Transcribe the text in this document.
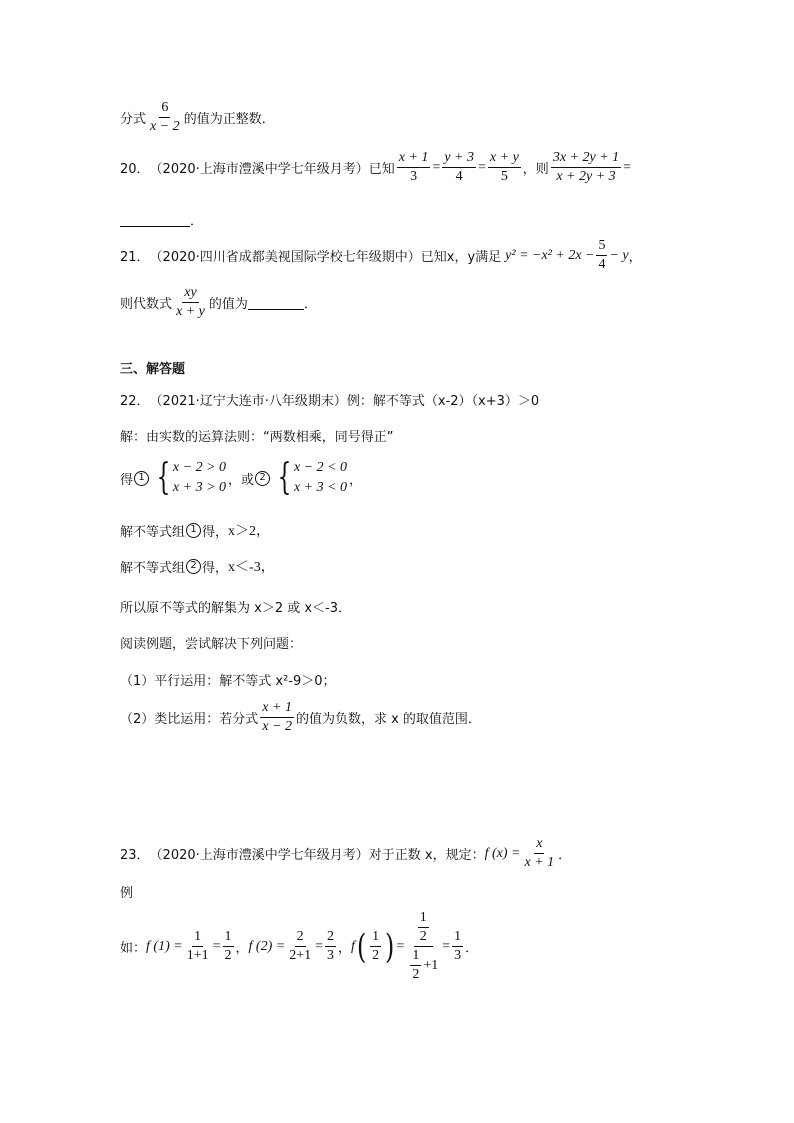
分式 $\frac{6}{x - 2}$ 的值为正整数．
20． （2020·上海市澧溪中学七年级月考）已知 $\frac{x + 1}{3} = \frac{y + 3}{4} = \frac{x + y}{5}$ ，则 $\frac{3x + 2y + 1}{x + 2y + 3}$ =
．
21． （2020·四川省成都美视国际学校七年级期中）已知x，y满足 $y^2 = -x^2 + 2x - \frac{5}{4} - y$ ，
则代数式 $\frac{xy}{x + y}$ 的值为	．
三、解答题
22． （2021·辽宁大连市·八年级期末）例：解不等式（x-2）（x+3）＞0
解：由实数的运算法则：“两数相乘，同号得正”
得 1 { x − 2 > 0
x + 3 > 0 ，或 2 { x − 2 < 0
x + 3 < 0 ，
解不等式组 1 得， x＞2，
解不等式组 2 得， x＜-3，
所以原不等式的解集为 x＞2 或 x＜-3．
阅读例题，尝试解决下列问题：
（1）平行运用：解不等式 x²-9＞0；
（2）类比运用：若分式 $\frac{x + 1}{x - 2}$ 的值为负数，求 x 的取值范围．
23． （2020·上海市澧溪中学七年级月考）对于正数 x，规定： f $(x) = \frac{x}{x + 1}$ ．
例
如： f $(1) = \frac{1}{1+1} = \frac{1}{2}$ ， f $(2) = \frac{2}{2+1} = \frac{2}{3}$ ， f ( $\frac{1}{2}$ ) = $\frac{\frac{1}{2}}{\frac{1}{2} +1} = \frac{1}{3}$ ．
